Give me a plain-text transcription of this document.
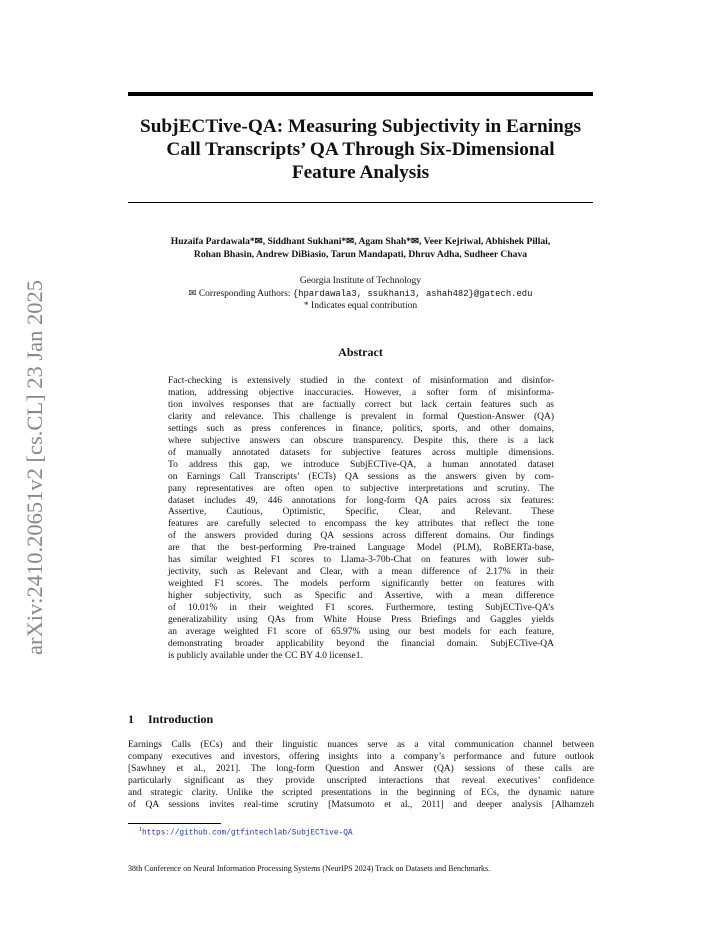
arXiv:2410.20651v2 [cs.CL] 23 Jan 2025
SubjECTive-QA: Measuring Subjectivity in Earnings
Call Transcripts’ QA Through Six-Dimensional
Feature Analysis

Huzaifa Pardawala*✉, Siddhant Sukhani*✉, Agam Shah*✉, Veer Kejriwal, Abhishek Pillai,
Rohan Bhasin, Andrew DiBiasio, Tarun Mandapati, Dhruv Adha, Sudheer Chava

Georgia Institute of Technology
✉ Corresponding Authors: {hpardawala3, ssukhani3, ashah482}@gatech.edu
* Indicates equal contribution

Abstract
Fact-checking is extensively studied in the context of misinformation and disinfor-
mation, addressing objective inaccuracies. However, a softer form of misinforma-
tion involves responses that are factually correct but lack certain features such as
clarity and relevance. This challenge is prevalent in formal Question-Answer (QA)
settings such as press conferences in finance, politics, sports, and other domains,
where subjective answers can obscure transparency. Despite this, there is a lack
of manually annotated datasets for subjective features across multiple dimensions.
To address this gap, we introduce SubjECTive-QA, a human annotated dataset
on Earnings Call Transcripts’ (ECTs) QA sessions as the answers given by com-
pany representatives are often open to subjective interpretations and scrutiny. The
dataset includes 49, 446 annotations for long-form QA pairs across six features:
Assertive, Cautious, Optimistic, Specific, Clear, and Relevant. These
features are carefully selected to encompass the key attributes that reflect the tone
of the answers provided during QA sessions across different domains. Our findings
are that the best-performing Pre-trained Language Model (PLM), RoBERTa-base,
has similar weighted F1 scores to Llama-3-70b-Chat on features with lower sub-
jectivity, such as Relevant and Clear, with a mean difference of 2.17% in their
weighted F1 scores. The models perform significantly better on features with
higher subjectivity, such as Specific and Assertive, with a mean difference
of 10.01% in their weighted F1 scores. Furthermore, testing SubjECTive-QA’s
generalizability using QAs from White House Press Briefings and Gaggles yields
an average weighted F1 score of 65.97% using our best models for each feature,
demonstrating broader applicability beyond the financial domain. SubjECTive-QA
is publicly available under the CC BY 4.0 license1.
1 Introduction
Earnings Calls (ECs) and their linguistic nuances serve as a vital communication channel between
company executives and investors, offering insights into a company’s performance and future outlook
[Sawhney et al., 2021]. The long-form Question and Answer (QA) sessions of these calls are
particularly significant as they provide unscripted interactions that reveal executives’ confidence
and strategic clarity. Unlike the scripted presentations in the beginning of ECs, the dynamic nature
of QA sessions invites real-time scrutiny [Matsumoto et al., 2011] and deeper analysis [Alhamzeh
$^1$https://github.com/gtfintechlab/SubjECTive-QA
38th Conference on Neural Information Processing Systems (NeurIPS 2024) Track on Datasets and Benchmarks.
